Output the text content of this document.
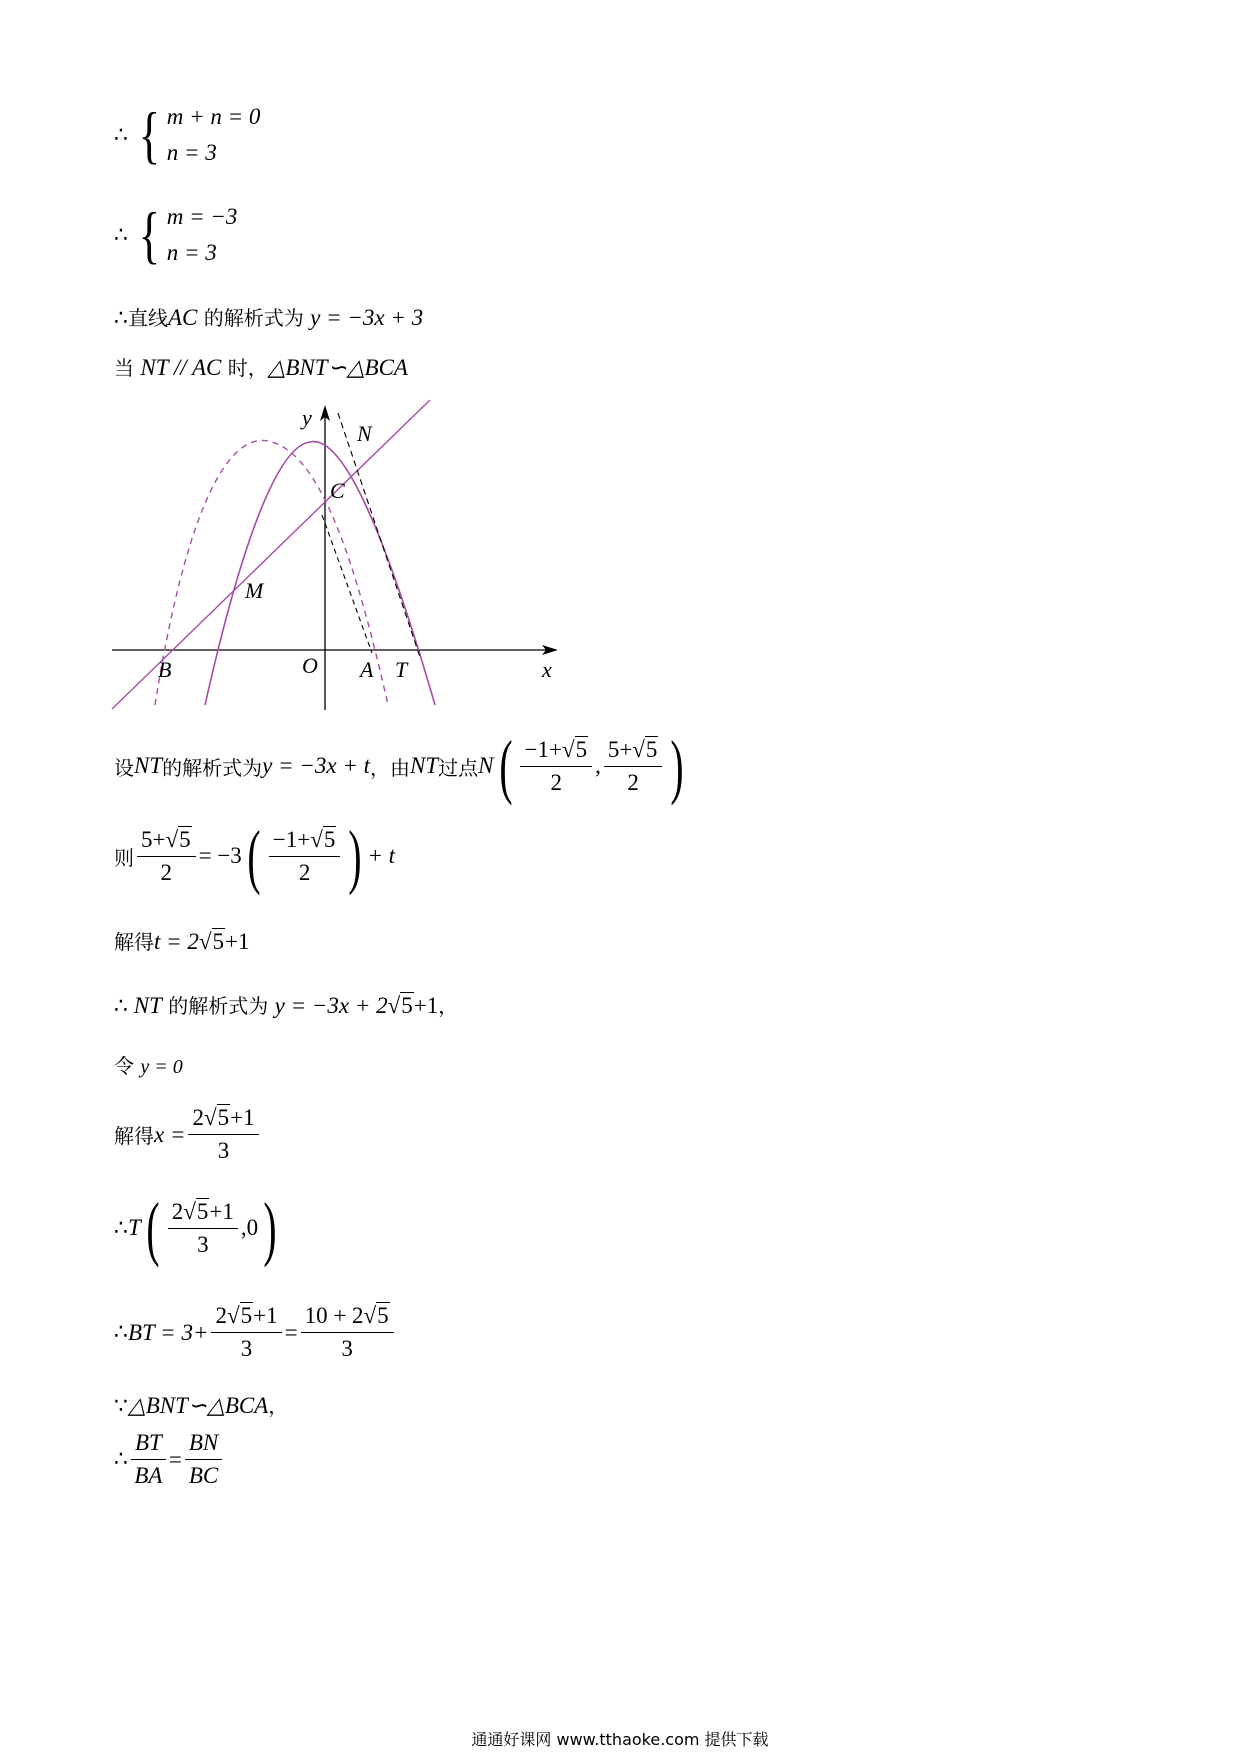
∴ { m + n = 0
n = 3
∴ { m = −3
n = 3
∴直线AC 的解析式为 y = −3x + 3
当 NT // AC 时，△BNT∽△BCA
y
x
N
C
M
O A T
B
设 NT 的解析式为 y = −3x + t ，由 NT 过点 N ( $\frac{-1+√5}{2}$ , $\frac{5+√5}{2}$ )
则 $\frac{5+√5}{2} = -3$ ( $\frac{-1+√5}{2}$ ) + t
解得t = 2√5+1
∴ NT 的解析式为 y = −3x + 2√5+1，
令 y = 0
解得 $x = \frac{2√5+1}{3}$
∴ T ( $\frac{2√5+1}{3}$ , 0 )
∴ BT = $3+ \frac{2√5+1}{3} = \frac{10 + 2√5}{3}$
∵△BNT∽△BCA，
∴ $\frac{BT}{BA} = \frac{BN}{BC}$
通通好课网 www.tthaoke.com 提供下载
